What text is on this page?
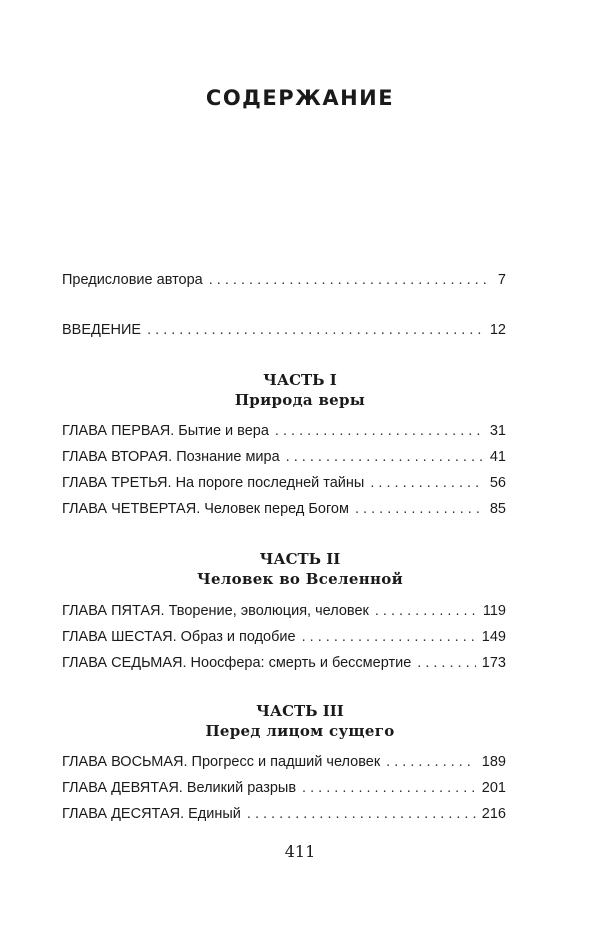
СОДЕРЖАНИЕ
Предисловие автора . . .	7
ВВЕДЕНИЕ . . .	12
ЧАСТЬ I
Природа веры
ГЛАВА ПЕРВАЯ. Бытие и вера . . .	31
ГЛАВА ВТОРАЯ. Познание мира . . .	41
ГЛАВА ТРЕТЬЯ. На пороге последней тайны . . .	56
ГЛАВА ЧЕТВЕРТАЯ. Человек перед Богом . . .	85
ЧАСТЬ II
Человек во Вселенной
ГЛАВА ПЯТАЯ. Творение, эволюция, человек . . .	119
ГЛАВА ШЕСТАЯ. Образ и подобие . . .	149
ГЛАВА СЕДЬМАЯ. Ноосфера: смерть и бессмертие . . .	173
ЧАСТЬ III
Перед лицом сущего
ГЛАВА ВОСЬМАЯ. Прогресс и падший человек . . .	189
ГЛАВА ДЕВЯТАЯ. Великий разрыв . . .	201
ГЛАВА ДЕСЯТАЯ. Единый . . .	216
411
